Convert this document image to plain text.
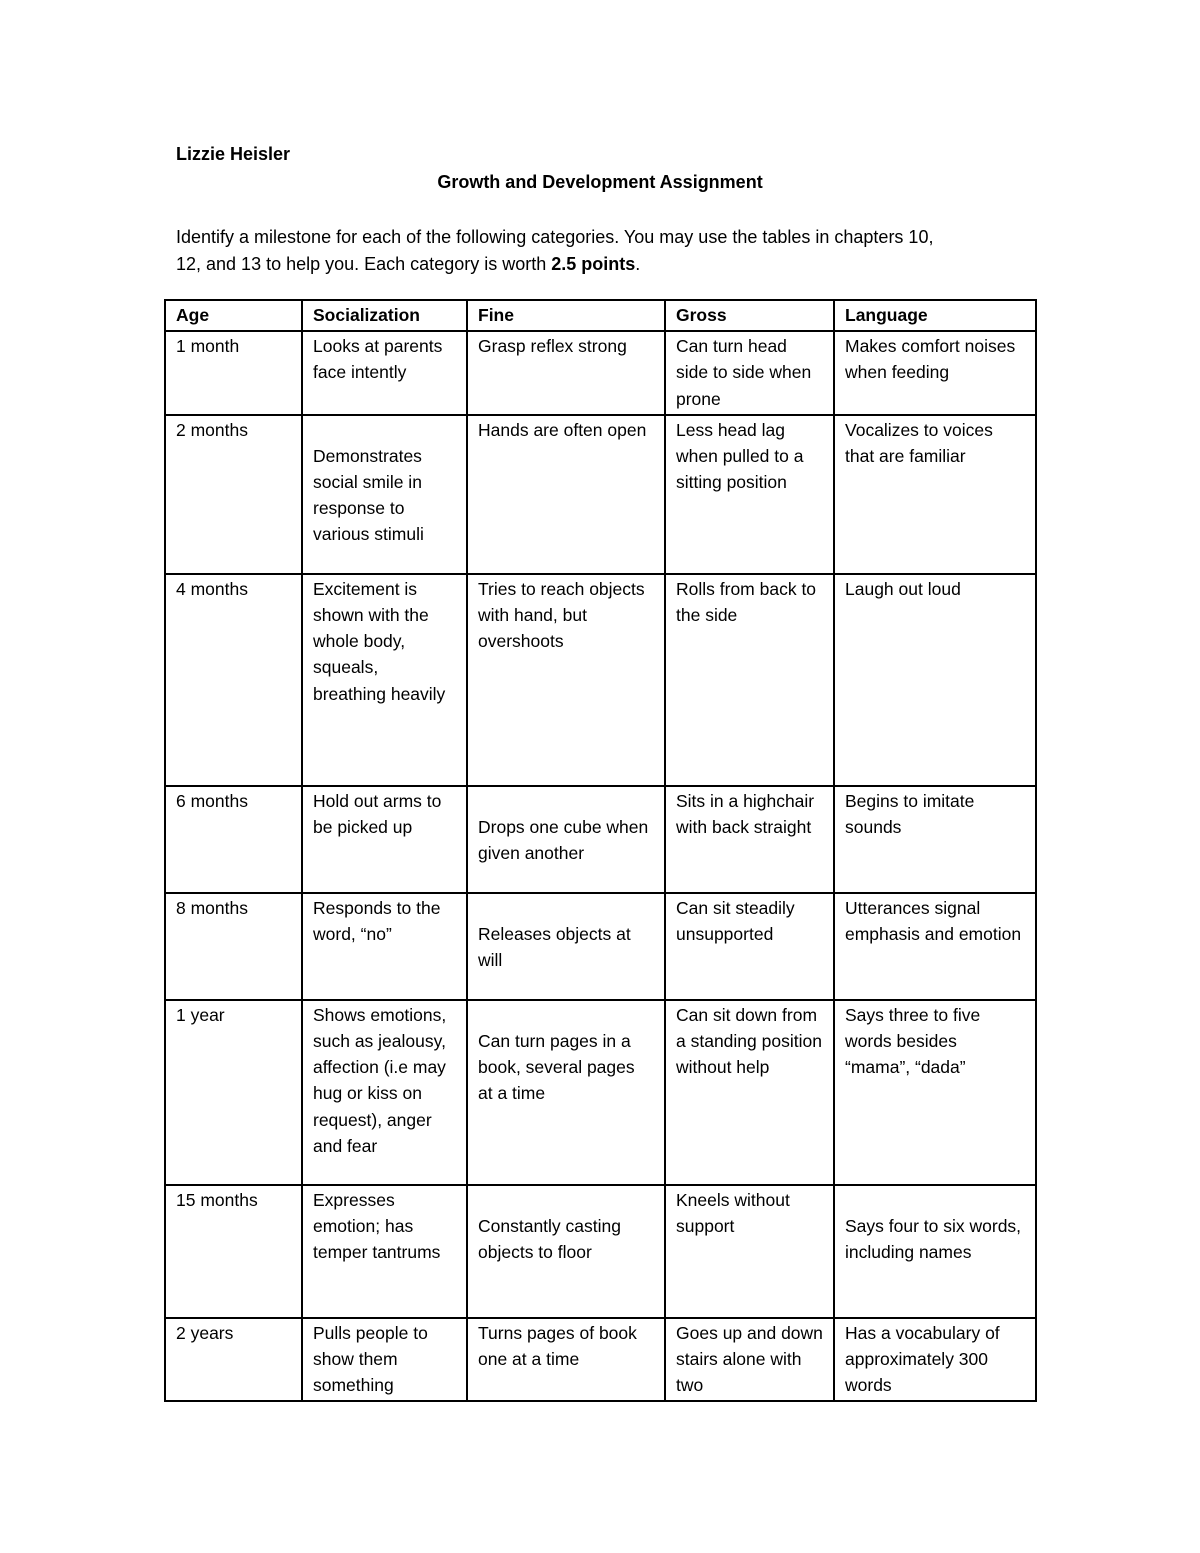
Lizzie Heisler
Growth and Development Assignment
Identify a milestone for each of the following categories. You may use the tables in chapters 10,
12, and 13 to help you. Each category is worth 2.5 points.
Age	Socialization	Fine	Gross	Language
1 month	Looks at parents face intently	Grasp reflex strong	Can turn head side to side when prone	Makes comfort noises when feeding
2 months	Demonstrates social smile in response to various stimuli	Hands are often open	Less head lag when pulled to a sitting position	Vocalizes to voices that are familiar
4 months	Excitement is shown with the whole body, squeals, breathing heavily	Tries to reach objects with hand, but overshoots	Rolls from back to the side	Laugh out loud
6 months	Hold out arms to be picked up	Drops one cube when given another	Sits in a highchair with back straight	Begins to imitate sounds
8 months	Responds to the word, “no”	Releases objects at will	Can sit steadily unsupported	Utterances signal emphasis and emotion
1 year	Shows emotions, such as jealousy, affection (i.e may hug or kiss on request), anger and fear	Can turn pages in a book, several pages at a time	Can sit down from a standing position without help	Says three to five words besides “mama”, “dada”
15 months	Expresses emotion; has temper tantrums	Constantly casting objects to floor	Kneels without support	Says four to six words, including names
2 years	Pulls people to show them something	Turns pages of book one at a time	Goes up and down stairs alone with two	Has a vocabulary of approximately 300 words
